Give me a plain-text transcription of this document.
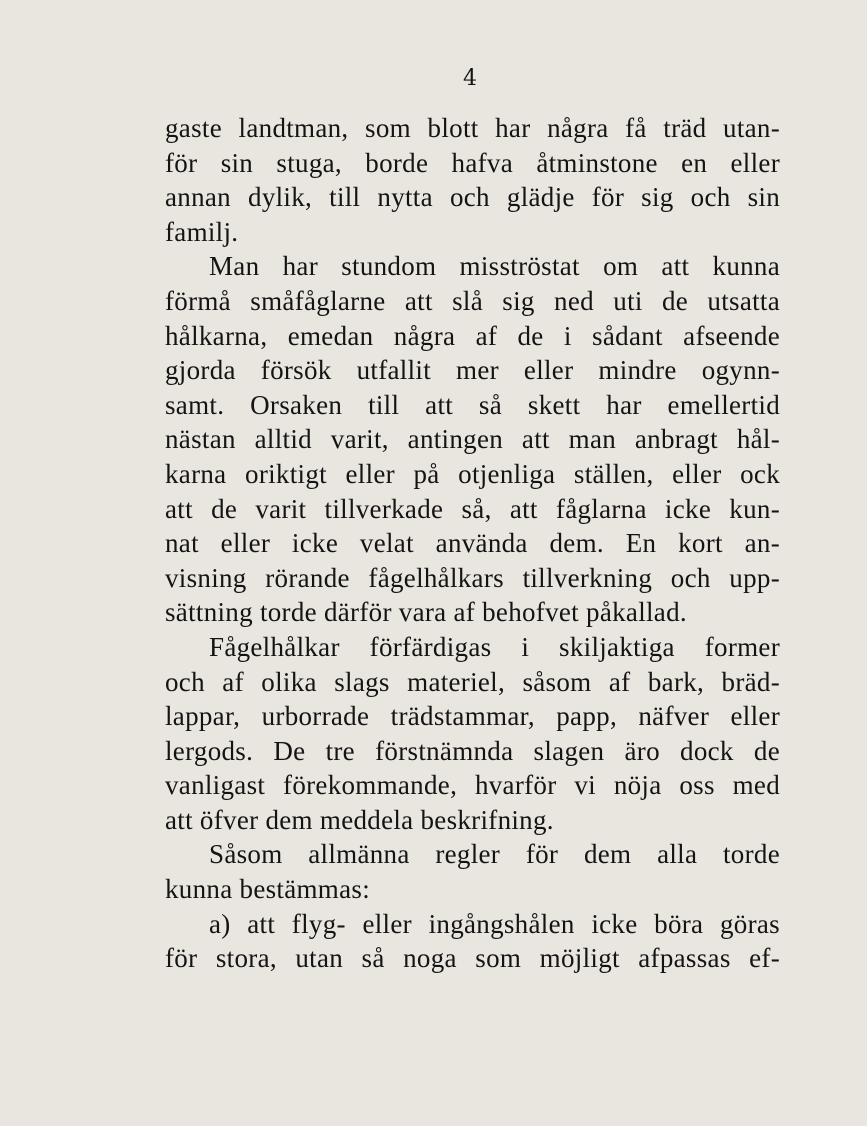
4
gaste landtman, som blott har några få träd utan-
för sin stuga, borde hafva åtminstone en eller
annan dylik, till nytta och glädje för sig och sin
familj.
Man har stundom misströstat om att kunna
förmå småfåglarne att slå sig ned uti de utsatta
hålkarna, emedan några af de i sådant afseende
gjorda försök utfallit mer eller mindre ogynn-
samt. Orsaken till att så skett har emellertid
nästan alltid varit, antingen att man anbragt hål-
karna oriktigt eller på otjenliga ställen, eller ock
att de varit tillverkade så, att fåglarna icke kun-
nat eller icke velat använda dem. En kort an-
visning rörande fågelhålkars tillverkning och upp-
sättning torde därför vara af behofvet påkallad.
Fågelhålkar förfärdigas i skiljaktiga former
och af olika slags materiel, såsom af bark, bräd-
lappar, urborrade trädstammar, papp, näfver eller
lergods. De tre förstnämnda slagen äro dock de
vanligast förekommande, hvarför vi nöja oss med
att öfver dem meddela beskrifning.
Såsom allmänna regler för dem alla torde
kunna bestämmas:
a) att flyg- eller ingångshålen icke böra göras
för stora, utan så noga som möjligt afpassas ef-
